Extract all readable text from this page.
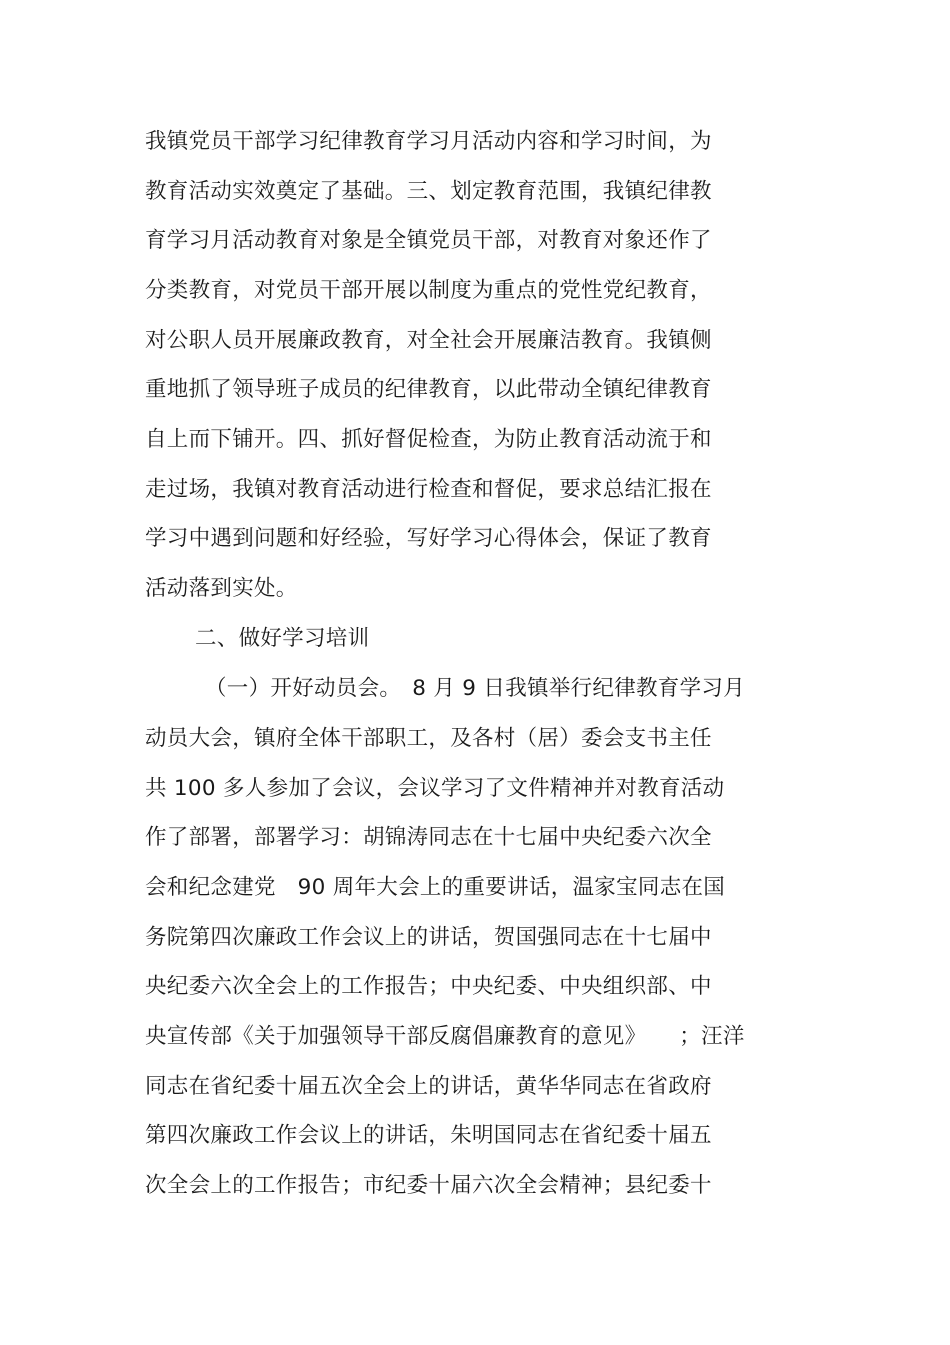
我镇党员干部学习纪律教育学习月活动内容和学习时间，为
教育活动实效奠定了基础。三、划定教育范围，我镇纪律教
育学习月活动教育对象是全镇党员干部，对教育对象还作了
分类教育，对党员干部开展以制度为重点的党性党纪教育，
对公职人员开展廉政教育，对全社会开展廉洁教育。我镇侧
重地抓了领导班子成员的纪律教育，以此带动全镇纪律教育
自上而下铺开。四、抓好督促检查，为防止教育活动流于和
走过场，我镇对教育活动进行检查和督促，要求总结汇报在
学习中遇到问题和好经验，写好学习心得体会，保证了教育
活动落到实处。
二、做好学习培训
（一）开好动员会。　8 月 9 日我镇举行纪律教育学习月
动员大会，镇府全体干部职工，及各村（居）委会支书主任
共 100 多人参加了会议，会议学习了文件精神并对教育活动
作了部署，部署学习：胡锦涛同志在十七届中央纪委六次全
会和纪念建党　90 周年大会上的重要讲话，温家宝同志在国
务院第四次廉政工作会议上的讲话，贺国强同志在十七届中
央纪委六次全会上的工作报告；中央纪委、中央组织部、中
央宣传部《关于加强领导干部反腐倡廉教育的意见》　　；汪洋
同志在省纪委十届五次全会上的讲话，黄华华同志在省政府
第四次廉政工作会议上的讲话，朱明国同志在省纪委十届五
次全会上的工作报告；市纪委十届六次全会精神；县纪委十
